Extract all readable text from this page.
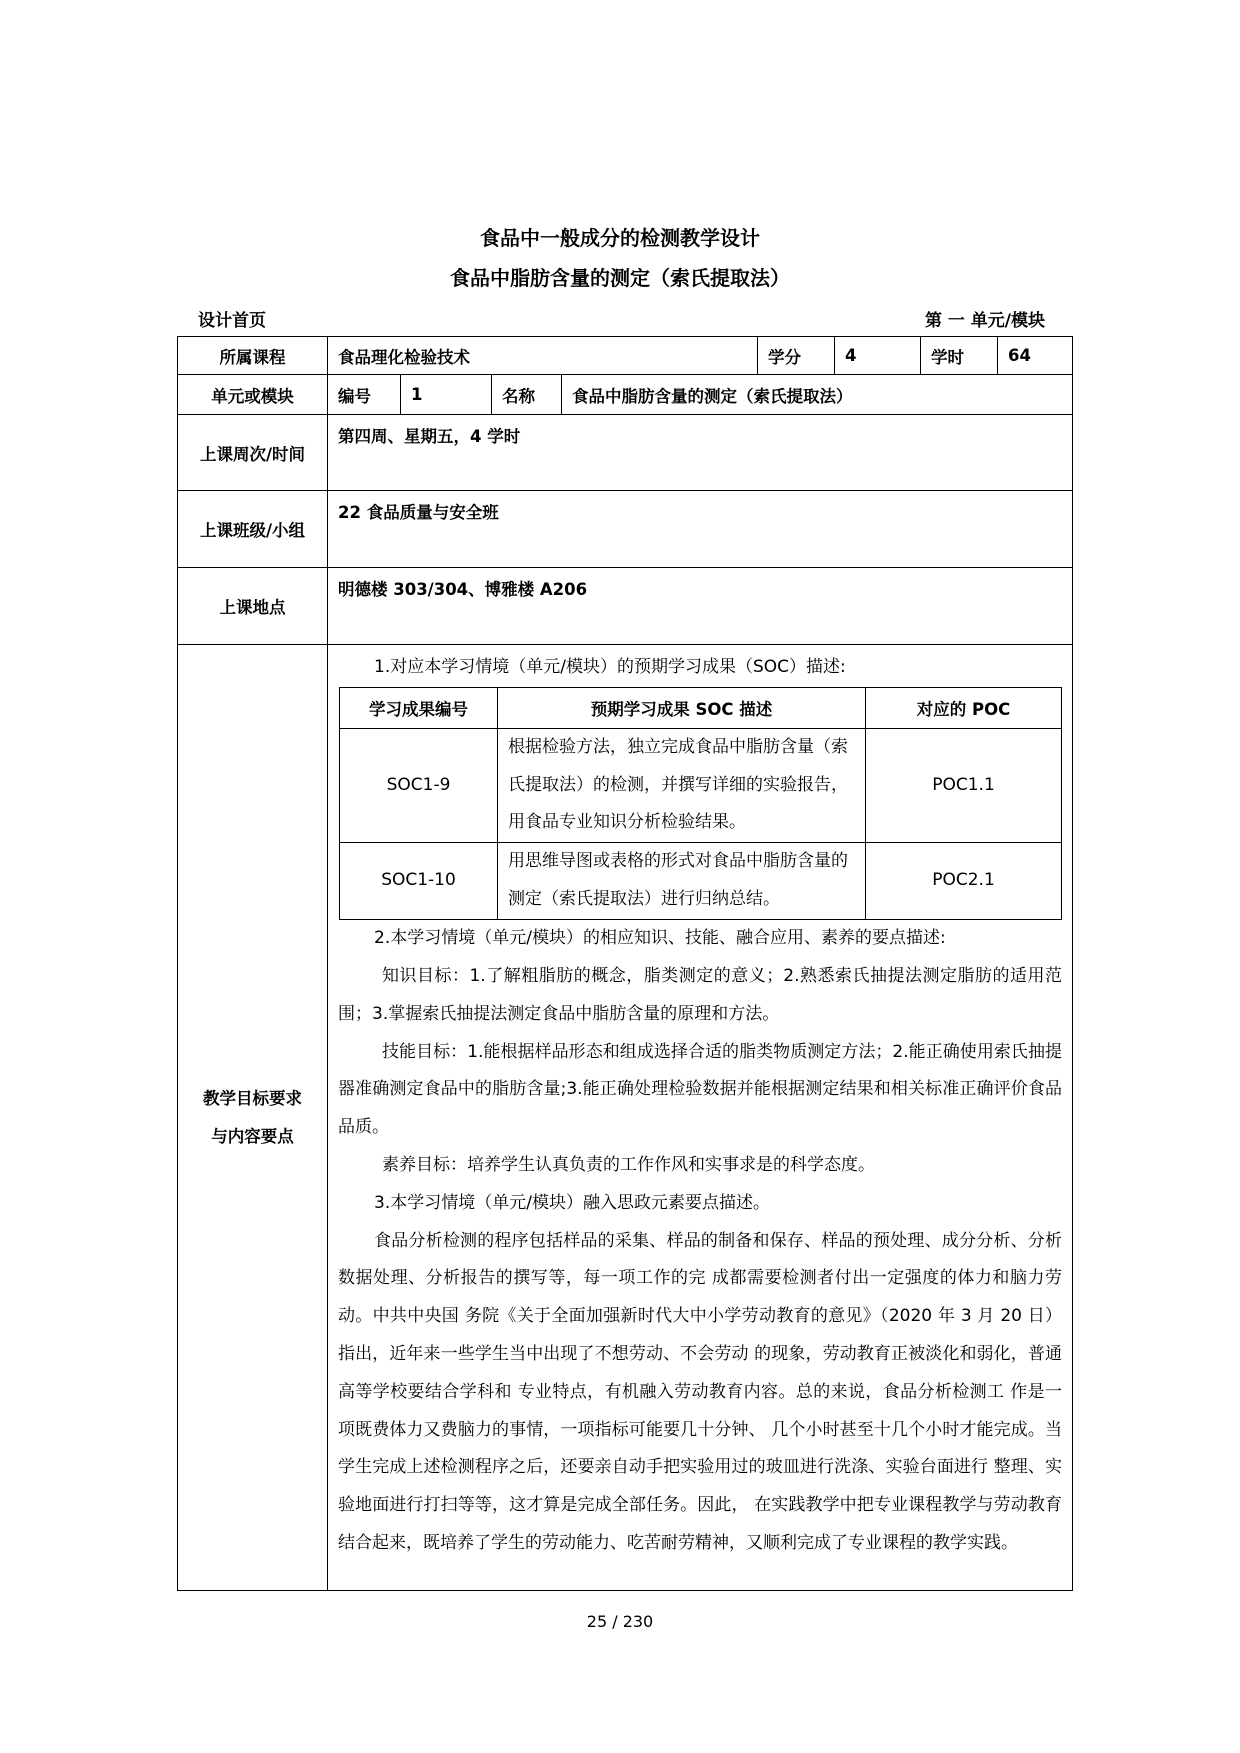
食品中一般成分的检测教学设计
食品中脂肪含量的测定（索氏提取法）
设计首页	第 一 单元/模块
所属课程	食品理化检验技术	学分	4	学时	64
单元或模块	编号	1	名称	食品中脂肪含量的测定（索氏提取法）
上课周次/时间	第四周、星期五，4 学时
上课班级/小组	22 食品质量与安全班
上课地点	明德楼 303/304、博雅楼 A206

教学目标要求
与内容要点

1.对应本学习情境（单元/模块）的预期学习成果（SOC）描述:

学习成果编号	预期学习成果 SOC 描述	对应的 POC
SOC1-9	根据检验方法，独立完成食品中脂肪含量（索氏提取法）的检测，并撰写详细的实验报告，用食品专业知识分析检验结果。	POC1.1
SOC1-10	用思维导图或表格的形式对食品中脂肪含量的测定（索氏提取法）进行归纳总结。	POC2.1

2.本学习情境（单元/模块）的相应知识、技能、融合应用、素养的要点描述:

知识目标：1.了解粗脂肪的概念，脂类测定的意义；2.熟悉索氏抽提法测定脂肪的适用范围；3.掌握索氏抽提法测定食品中脂肪含量的原理和方法。

技能目标：1.能根据样品形态和组成选择合适的脂类物质测定方法；2.能正确使用索氏抽提器准确测定食品中的脂肪含量;3.能正确处理检验数据并能根据测定结果和相关标准正确评价食品品质。

素养目标：培养学生认真负责的工作作风和实事求是的科学态度。

3.本学习情境（单元/模块）融入思政元素要点描述。

食品分析检测的程序包括样品的采集、样品的制备和保存、样品的预处理、成分分析、分析数据处理、分析报告的撰写等，每一项工作的完 成都需要检测者付出一定强度的体力和脑力劳动。中共中央国 务院《关于全面加强新时代大中小学劳动教育的意见》（2020 年 3 月 20 日）指出，近年来一些学生当中出现了不想劳动、不会劳动 的现象，劳动教育正被淡化和弱化，普通高等学校要结合学科和 专业特点，有机融入劳动教育内容。总的来说，食品分析检测工 作是一项既费体力又费脑力的事情，一项指标可能要几十分钟、 几个小时甚至十几个小时才能完成。当学生完成上述检测程序之后，还要亲自动手把实验用过的玻皿进行洗涤、实验台面进行 整理、实验地面进行打扫等等，这才算是完成全部任务。因此， 在实践教学中把专业课程教学与劳动教育结合起来，既培养了学生的劳动能力、吃苦耐劳精神，又顺利完成了专业课程的教学实践。

25 / 230
